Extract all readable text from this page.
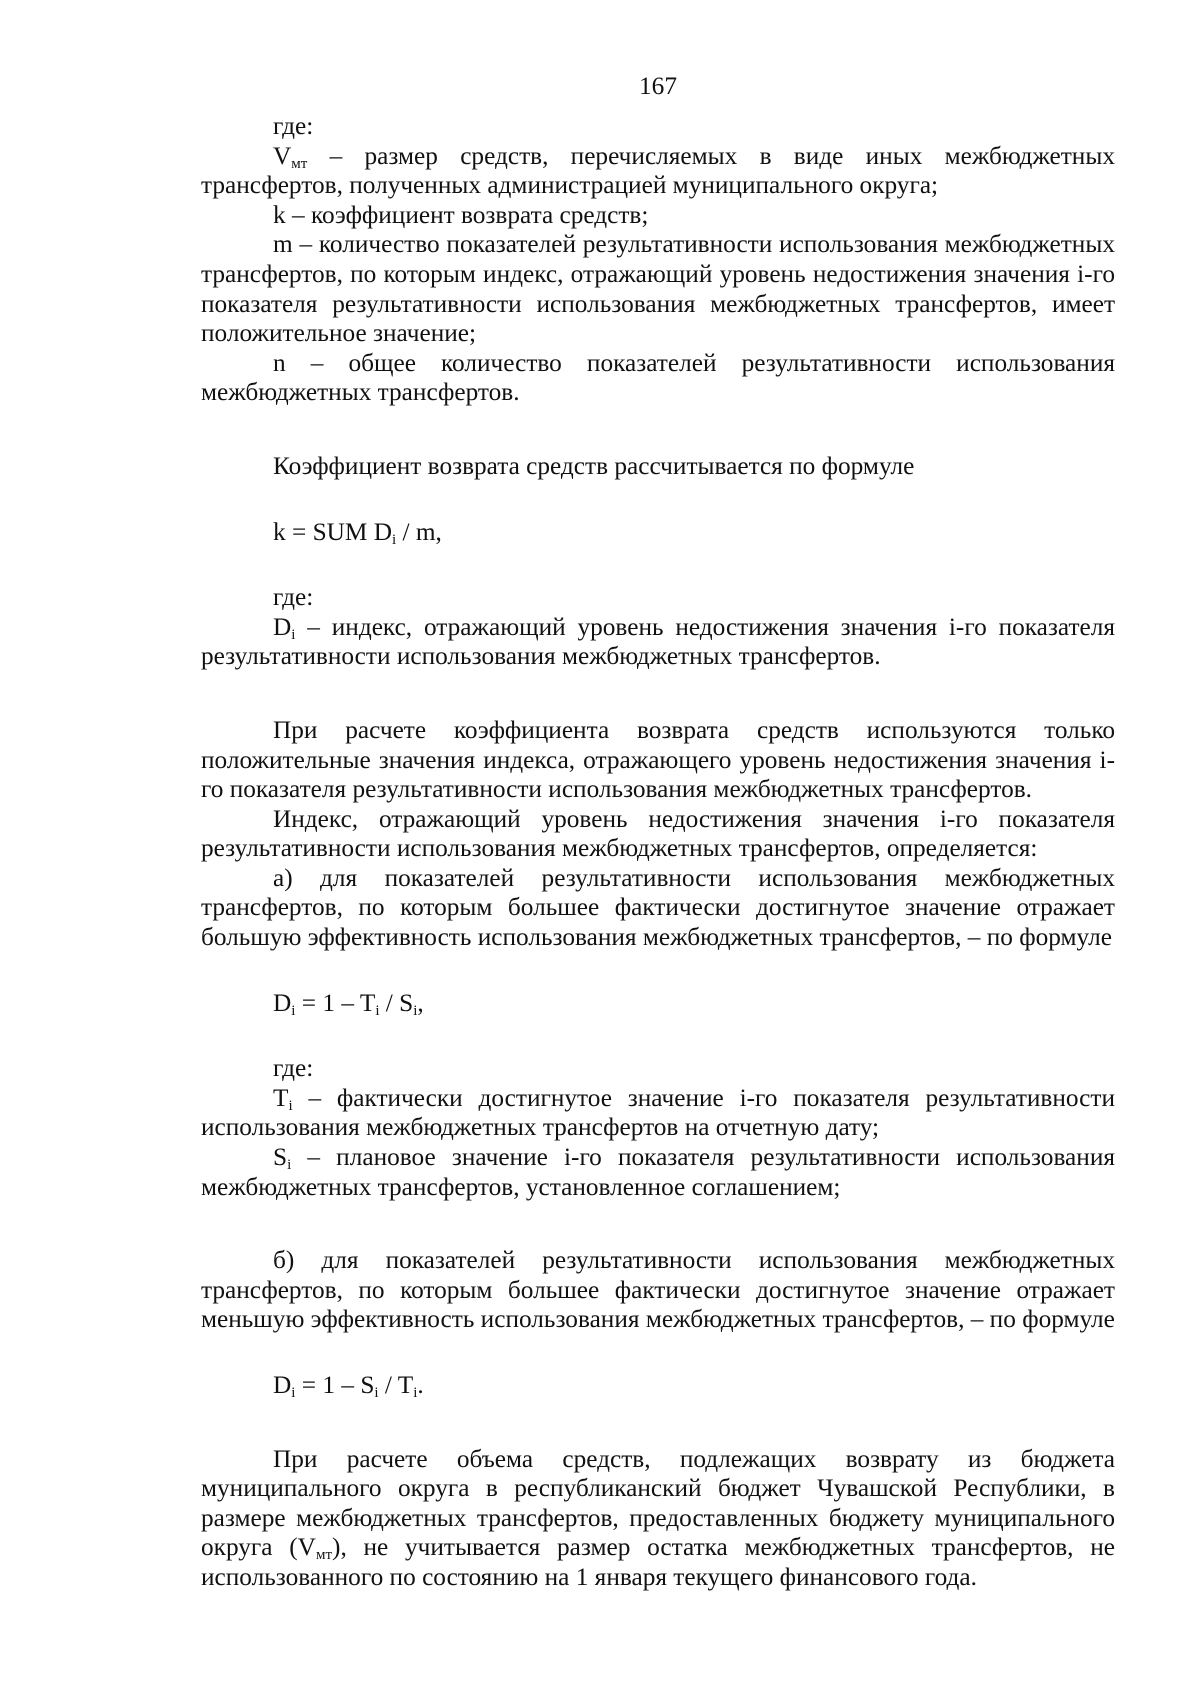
167

где:

$V_{мт}$ – размер средств, перечисляемых в виде иных межбюджетных трансфертов, полученных администрацией муниципального округа;

k – коэффициент возврата средств;

m – количество показателей результативности использования межбюджетных трансфертов, по которым индекс, отражающий уровень недостижения значения i-го показателя результативности использования межбюджетных трансфертов, имеет положительное значение;

n – общее количество показателей результативности использования межбюджетных трансфертов.

Коэффициент возврата средств рассчитывается по формуле

k = SUM $D_i$ / m,

где:

$D_i$ – индекс, отражающий уровень недостижения значения i-го показателя результативности использования межбюджетных трансфертов.

При расчете коэффициента возврата средств используются только положительные значения индекса, отражающего уровень недостижения значения i-го показателя результативности использования межбюджетных трансфертов.

Индекс, отражающий уровень недостижения значения i-го показателя результативности использования межбюджетных трансфертов, определяется:

а) для показателей результативности использования межбюджетных трансфертов, по которым большее фактически достигнутое значение отражает большую эффективность использования межбюджетных трансфертов, – по формуле

$D_i = 1 - T_i / S_i$,

где:

$T_i$ – фактически достигнутое значение i-го показателя результативности использования межбюджетных трансфертов на отчетную дату;

$S_i$ – плановое значение i-го показателя результативности использования межбюджетных трансфертов, установленное соглашением;

б) для показателей результативности использования межбюджетных трансфертов, по которым большее фактически достигнутое значение отражает меньшую эффективность использования межбюджетных трансфертов, – по формуле

$D_i = 1 - S_i / T_i$.

При расчете объема средств, подлежащих возврату из бюджета муниципального округа в республиканский бюджет Чувашской Республики, в размере межбюджетных трансфертов, предоставленных бюджету муниципального округа $(V_{мт})$, не учитывается размер остатка межбюджетных трансфертов, не использованного по состоянию на 1 января текущего финансового года.
